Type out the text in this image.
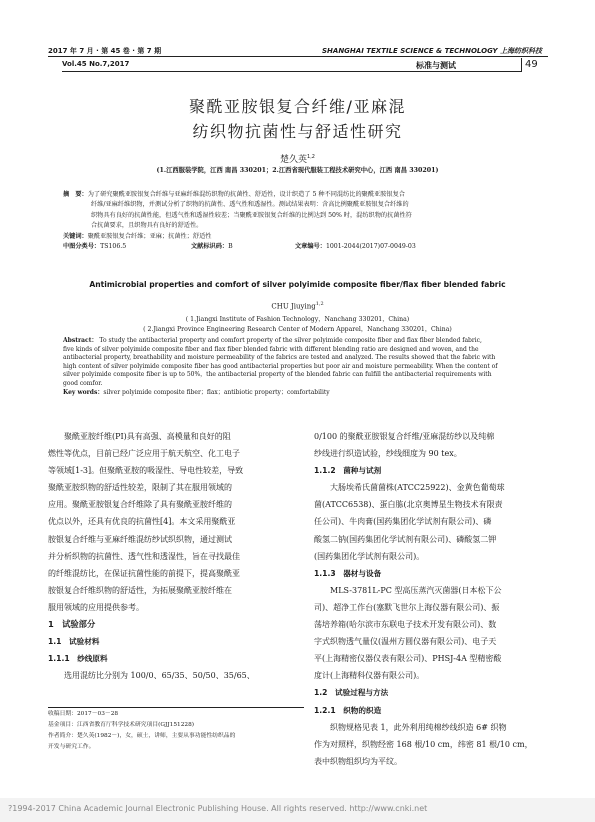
2017 年 7 月 · 第 45 卷 · 第 7 期
Vol.45 No.7,2017
SHANGHAI TEXTILE SCIENCE & TECHNOLOGY 上海纺织科技
标准与测试	49
聚酰亚胺银复合纤维/亚麻混
纺织物抗菌性与舒适性研究
楚久英$^{1,2}$
(1.江西服装学院，江西 南昌 330201；2.江西省现代服装工程技术研究中心，江西 南昌 330201)
摘　要：为了研究聚酰亚胺银复合纤维与亚麻纤维混纺织物的抗菌性、舒适性，设计织造了 5 种不同混纺比的聚酰亚胺银复合
纤维/亚麻纤维织物，并测试分析了织物的抗菌性、透气性和透湿性。测试结果表明：含高比例聚酰亚胺银复合纤维的
织物具有良好的抗菌性能，但透气性和透湿性较差；当聚酰亚胺银复合纤维的比例达到 50% 时，混纺织物的抗菌性符
合抗菌要求，且织物具有良好的舒适性。
关键词：聚酰亚胺银复合纤维；亚麻；抗菌性；舒适性
中图分类号：TS106.5	文献标识码：B	文章编号：1001-2044(2017)07-0049-03
Antimicrobial properties and comfort of silver polyimide composite fiber/flax fiber blended fabric
CHU Jiuying$^{1,2}$
( 1.Jiangxi Institute of Fashion Technology，Nanchang 330201，China)
( 2.Jiangxi Province Engineering Research Center of Modern Apparel，Nanchang 330201，China)
Abstract： To study the antibacterial property and comfort property of the silver polyimide composite fiber and flax fiber blended fabric,
five kinds of silver polyimide composite fiber and flax fiber blended fabric with different blending ratio are designed and woven, and the
antibacterial property, breathability and moisture permeability of the fabrics are tested and analyzed. The results showed that the fabric with
high content of silver polyimide composite fiber has good antibacterial properties but poor air and moisture permeability. When the content of
silver polyimide composite fiber is up to 50%，the antibacterial property of the blended fabric can fulfill the antibacterial requirements with
good comfor.
Key words：silver polyimide composite fiber；flax；antibiotic property；comfortability
　　聚酰亚胺纤维(PI)具有高强、高模量和良好的阻
燃性等优点，目前已经广泛应用于航天航空、化工电子
等领域[1-3]。但聚酰亚胺的吸湿性、导电性较差，导致
聚酰亚胺织物的舒适性较差，限制了其在服用领域的
应用。聚酰亚胺银复合纤维除了具有聚酰亚胺纤维的
优点以外，还具有优良的抗菌性[4]。本文采用聚酰亚
胺银复合纤维与亚麻纤维混纺纱试织织物，通过测试
并分析织物的抗菌性、透气性和透湿性，旨在寻找最佳
的纤维混纺比，在保证抗菌性能的前提下，提高聚酰亚
胺银复合纤维织物的舒适性，为拓展聚酰亚胺纤维在
服用领域的应用提供参考。
1　试验部分
1.1　试验材料
1.1.1　纱线原料
　　选用混纺比分别为 100/0、65/35、50/50、35/65、
收稿日期：2017－03－28
基金项目：江西省教育厅科学技术研究项目(GJJ151228)
作者简介：楚久英(1982－)，女，硕士，讲师，主要从事功能性纺织品的
开发与研究工作。
0/100 的聚酰亚胺银复合纤维/亚麻混纺纱以及纯棉
纱线进行织造试验，纱线细度为 90 tex。
1.1.2　菌种与试剂
　　大肠埃希氏菌菌株(ATCC25922)、金黄色葡萄球
菌(ATCC6538)、蛋白胨(北京奥博星生物技术有限责
任公司)、牛肉膏(国药集团化学试剂有限公司)、磷
酸氢二钠(国药集团化学试剂有限公司)、磷酸氢二钾
(国药集团化学试剂有限公司)。
1.1.3　器材与设备
　　MLS-3781L-PC 型高压蒸汽灭菌器(日本松下公
司)、超净工作台(塞默飞世尔上海仪器有限公司)、振
荡培养箱(哈尔滨市东联电子技术开发有限公司)、数
字式织物透气量仪(温州方圆仪器有限公司)、电子天
平(上海精密仪器仪表有限公司)、PHSJ-4A 型精密酸
度计(上海精科仪器有限公司)。
1.2　试验过程与方法
1.2.1　织物的织造
　　织物规格见表 1，此外利用纯棉纱线织造 6# 织物
作为对照样，织物经密 168 根/10 cm，纬密 81 根/10 cm，
表中织物组织均为平纹。
?1994-2017 China Academic Journal Electronic Publishing House. All rights reserved. http://www.cnki.net
